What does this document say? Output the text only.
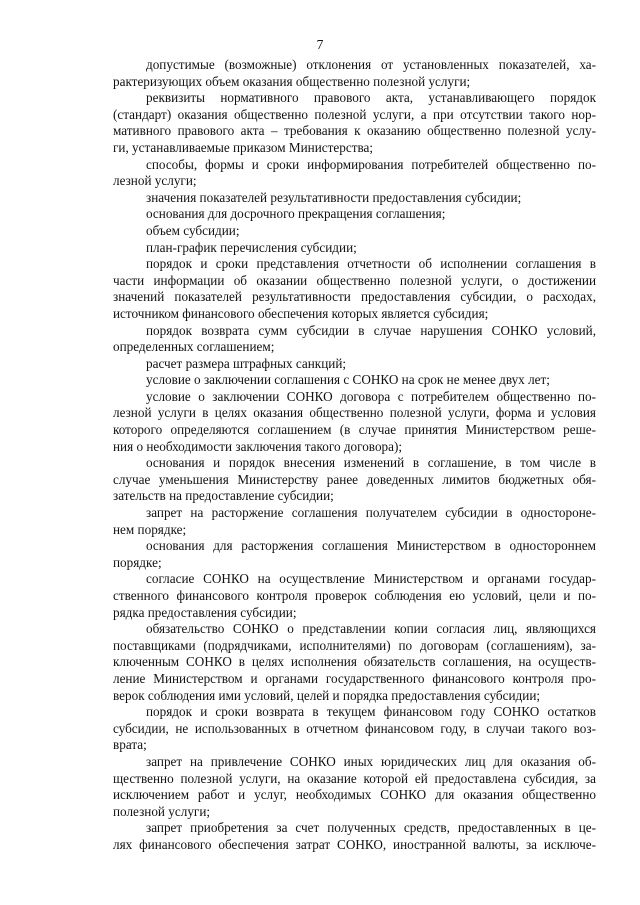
7
допустимые (возможные) отклонения от установленных показателей, ха-
рактеризующих объем оказания общественно полезной услуги;
реквизиты нормативного правового акта, устанавливающего порядок
(стандарт) оказания общественно полезной услуги, а при отсутствии такого нор-
мативного правового акта – требования к оказанию общественно полезной услу-
ги, устанавливаемые приказом Министерства;
способы, формы и сроки информирования потребителей общественно по-
лезной услуги;
значения показателей результативности предоставления субсидии;
основания для досрочного прекращения соглашения;
объем субсидии;
план-график перечисления субсидии;
порядок и сроки представления отчетности об исполнении соглашения в
части информации об оказании общественно полезной услуги, о достижении
значений показателей результативности предоставления субсидии, о расходах,
источником финансового обеспечения которых является субсидия;
порядок возврата сумм субсидии в случае нарушения СОНКО условий,
определенных соглашением;
расчет размера штрафных санкций;
условие о заключении соглашения с СОНКО на срок не менее двух лет;
условие о заключении СОНКО договора с потребителем общественно по-
лезной услуги в целях оказания общественно полезной услуги, форма и условия
которого определяются соглашением (в случае принятия Министерством реше-
ния о необходимости заключения такого договора);
основания и порядок внесения изменений в соглашение, в том числе в
случае уменьшения Министерству ранее доведенных лимитов бюджетных обя-
зательств на предоставление субсидии;
запрет на расторжение соглашения получателем субсидии в одностороне-
нем порядке;
основания для расторжения соглашения Министерством в одностороннем
порядке;
согласие СОНКО на осуществление Министерством и органами государ-
ственного финансового контроля проверок соблюдения ею условий, цели и по-
рядка предоставления субсидии;
обязательство СОНКО о представлении копии согласия лиц, являющихся
поставщиками (подрядчиками, исполнителями) по договорам (соглашениям), за-
ключенным СОНКО в целях исполнения обязательств соглашения, на осуществ-
ление Министерством и органами государственного финансового контроля про-
верок соблюдения ими условий, целей и порядка предоставления субсидии;
порядок и сроки возврата в текущем финансовом году СОНКО остатков
субсидии, не использованных в отчетном финансовом году, в случаи такого воз-
врата;
запрет на привлечение СОНКО иных юридических лиц для оказания об-
щественно полезной услуги, на оказание которой ей предоставлена субсидия, за
исключением работ и услуг, необходимых СОНКО для оказания общественно
полезной услуги;
запрет приобретения за счет полученных средств, предоставленных в це-
лях финансового обеспечения затрат СОНКО, иностранной валюты, за исключе-
